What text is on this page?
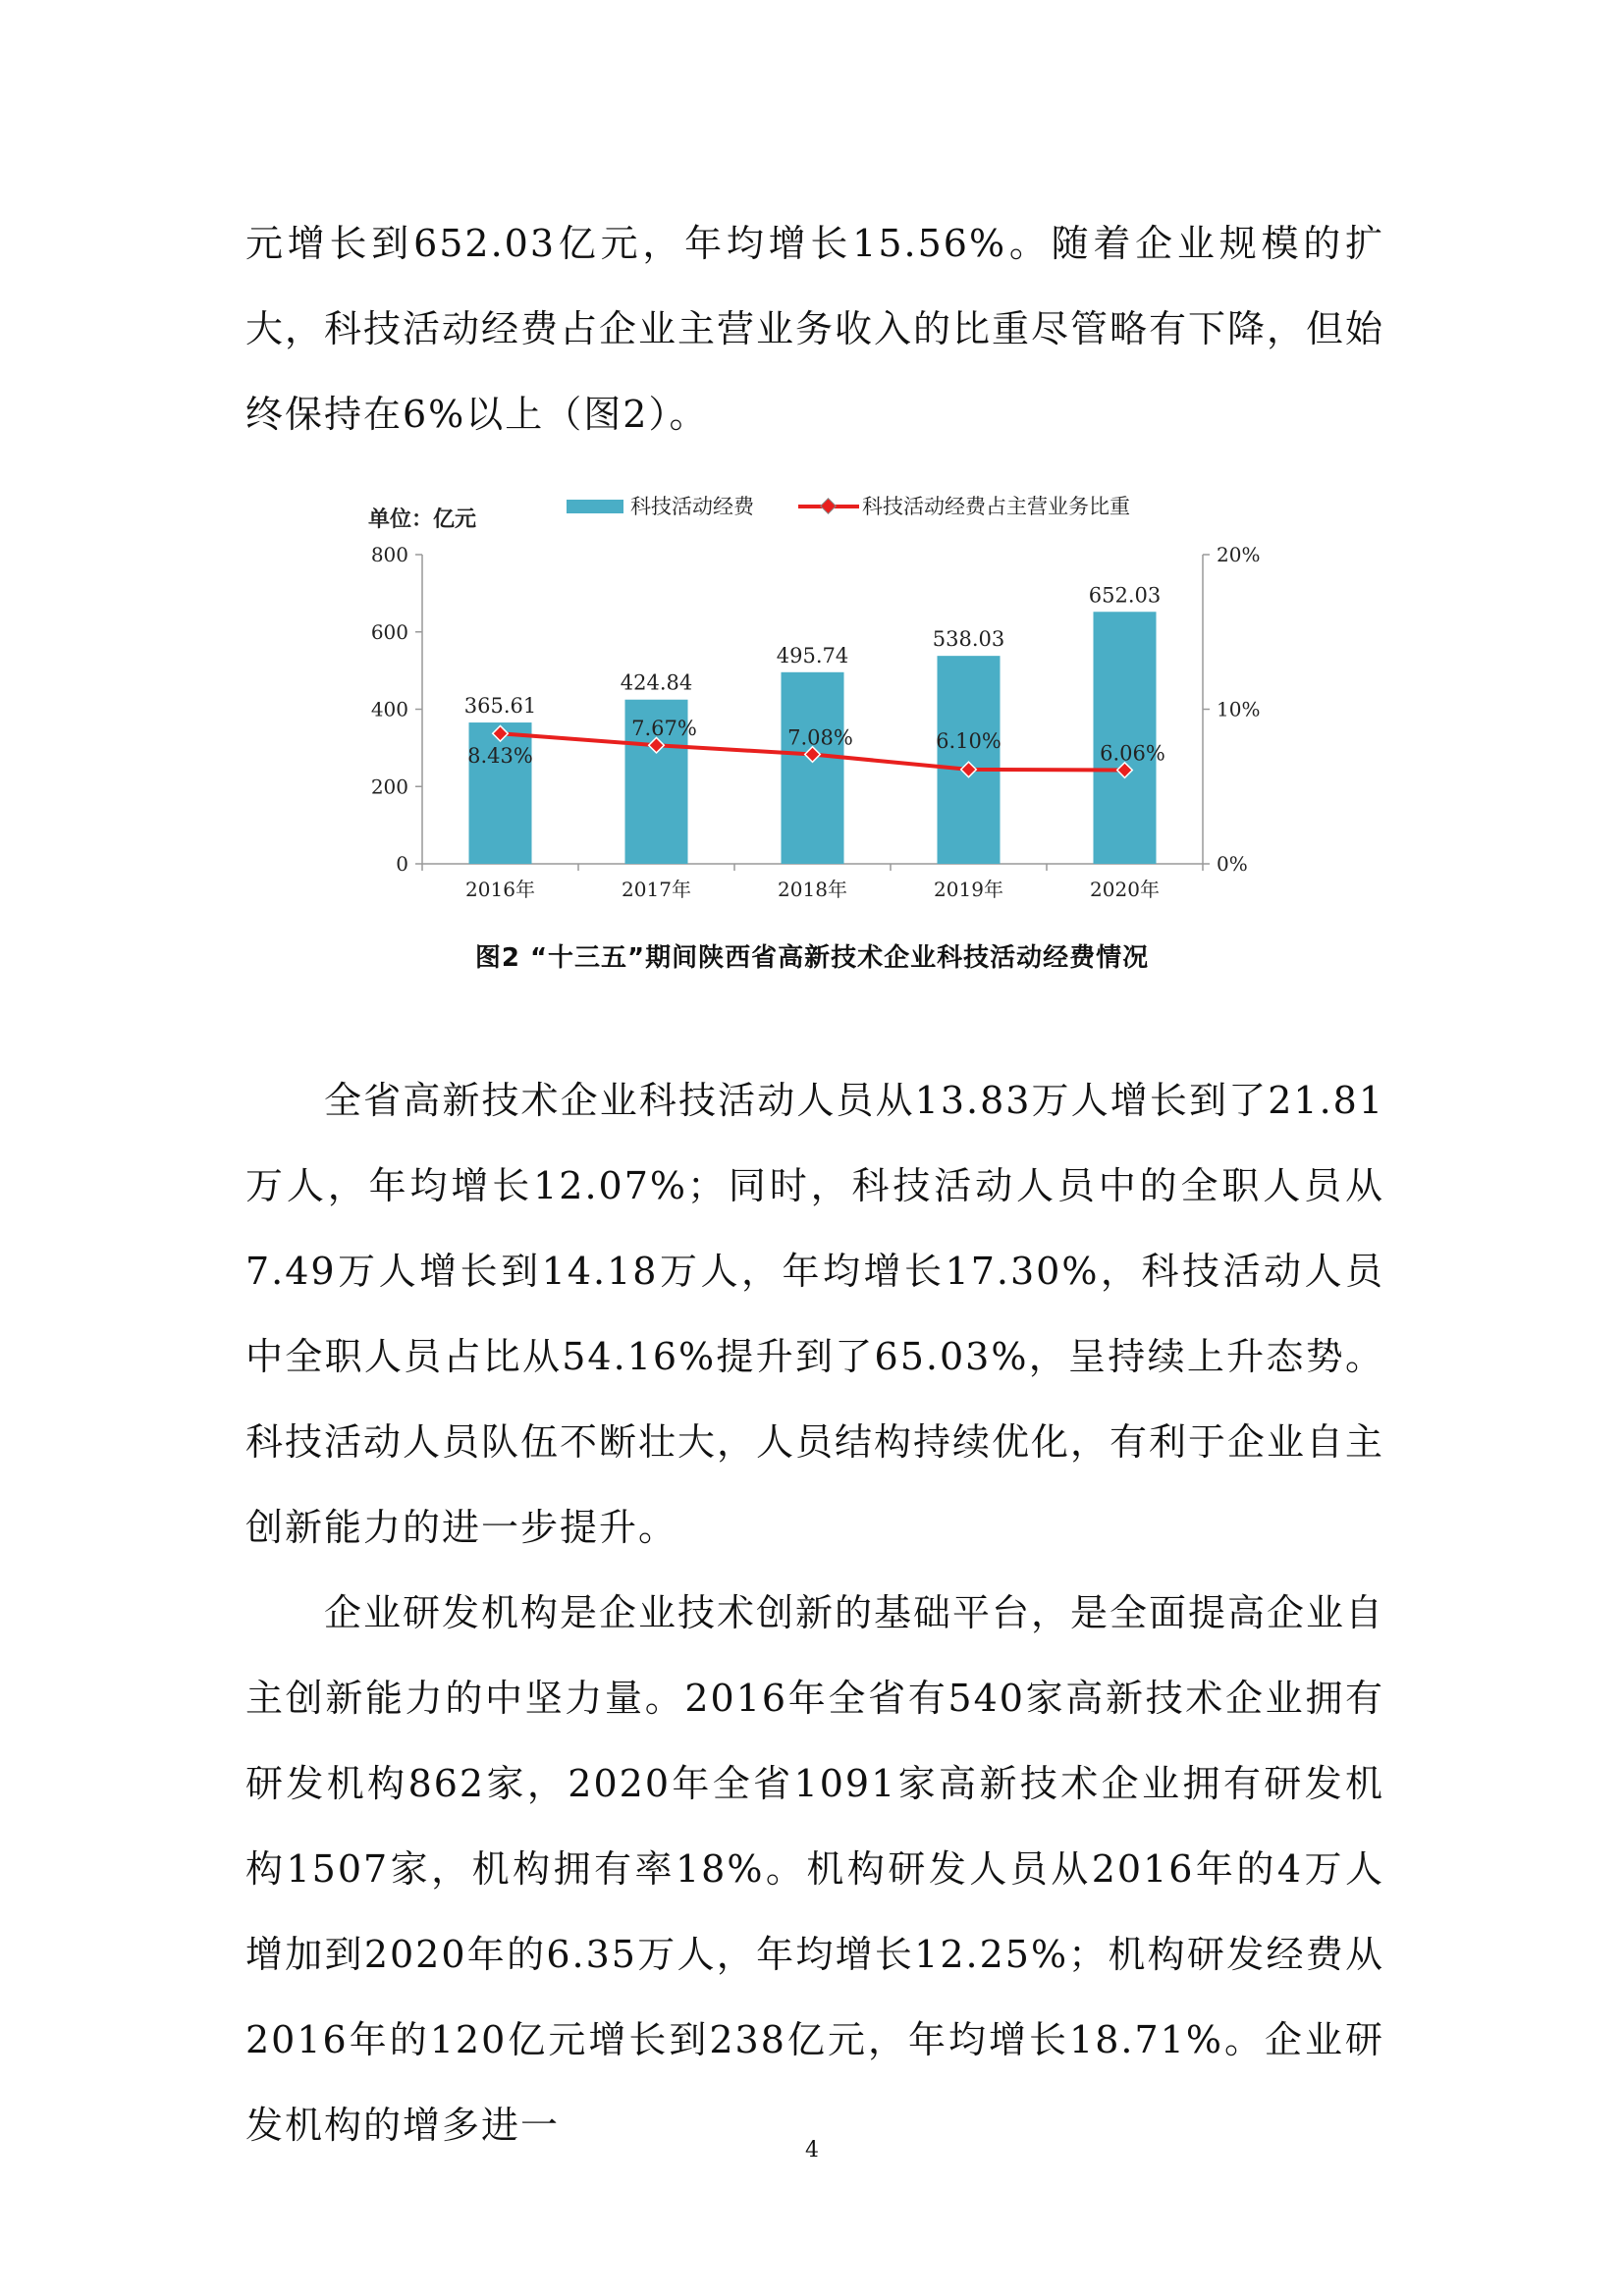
元增长到652.03亿元，年均增长15.56%。随着企业规模的扩大，科技活动经费占企业主营业务收入的比重尽管略有下降，但始终保持在6%以上（图2）。

科技活动经费	科技活动经费占主营业务比重
单位：亿元
0
200
400
600
800
0%
10%
20%
2016年	2017年	2018年	2019年	2020年
365.61
424.84
495.74
538.03
652.03
8.43%
7.67%	7.08%	6.10%
6.06%
图2 “十三五”期间陕西省高新技术企业科技活动经费情况

全省高新技术企业科技活动人员从13.83万人增长到了21.81万人，年均增长12.07%；同时，科技活动人员中的全职人员从7.49万人增长到14.18万人，年均增长17.30%，科技活动人员中全职人员占比从54.16%提升到了65.03%，呈持续上升态势。科技活动人员队伍不断壮大，人员结构持续优化，有利于企业自主创新能力的进一步提升。

企业研发机构是企业技术创新的基础平台，是全面提高企业自主创新能力的中坚力量。2016年全省有540家高新技术企业拥有研发机构862家，2020年全省1091家高新技术企业拥有研发机构1507家，机构拥有率18%。机构研发人员从2016年的4万人增加到2020年的6.35万人，年均增长12.25%；机构研发经费从2016年的120亿元增长到238亿元，年均增长18.71%。企业研发机构的增多进一

4
